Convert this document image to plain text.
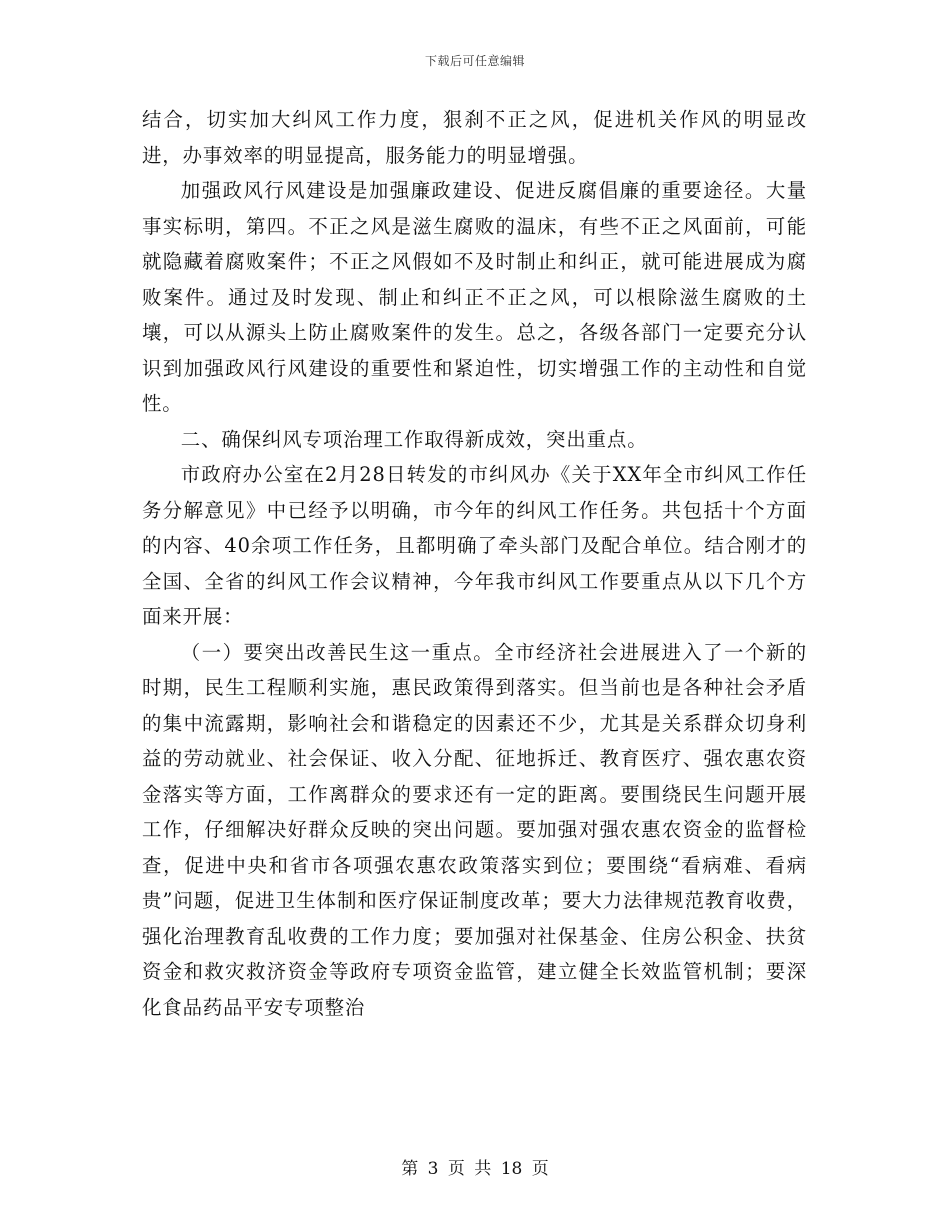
下载后可任意编辑

结合，切实加大纠风工作力度，狠刹不正之风，促进机关作风的明显改进，办事效率的明显提高，服务能力的明显增强。

加强政风行风建设是加强廉政建设、促进反腐倡廉的重要途径。大量事实标明，第四。不正之风是滋生腐败的温床，有些不正之风面前，可能就隐藏着腐败案件；不正之风假如不及时制止和纠正，就可能进展成为腐败案件。通过及时发现、制止和纠正不正之风，可以根除滋生腐败的土壤，可以从源头上防止腐败案件的发生。总之，各级各部门一定要充分认识到加强政风行风建设的重要性和紧迫性，切实增强工作的主动性和自觉性。

二、确保纠风专项治理工作取得新成效，突出重点。

市政府办公室在2月28日转发的市纠风办《关于XX年全市纠风工作任务分解意见》中已经予以明确，市今年的纠风工作任务。共包括十个方面的内容、40余项工作任务，且都明确了牵头部门及配合单位。结合刚才的全国、全省的纠风工作会议精神，今年我市纠风工作要重点从以下几个方面来开展：

（一）要突出改善民生这一重点。全市经济社会进展进入了一个新的时期，民生工程顺利实施，惠民政策得到落实。但当前也是各种社会矛盾的集中流露期，影响社会和谐稳定的因素还不少，尤其是关系群众切身利益的劳动就业、社会保证、收入分配、征地拆迁、教育医疗、强农惠农资金落实等方面，工作离群众的要求还有一定的距离。要围绕民生问题开展工作，仔细解决好群众反映的突出问题。要加强对强农惠农资金的监督检查，促进中央和省市各项强农惠农政策落实到位；要围绕“看病难、看病贵”问题，促进卫生体制和医疗保证制度改革；要大力法律规范教育收费，强化治理教育乱收费的工作力度；要加强对社保基金、住房公积金、扶贫资金和救灾救济资金等政府专项资金监管，建立健全长效监管机制；要深化食品药品平安专项整治

第 3 页 共 18 页
